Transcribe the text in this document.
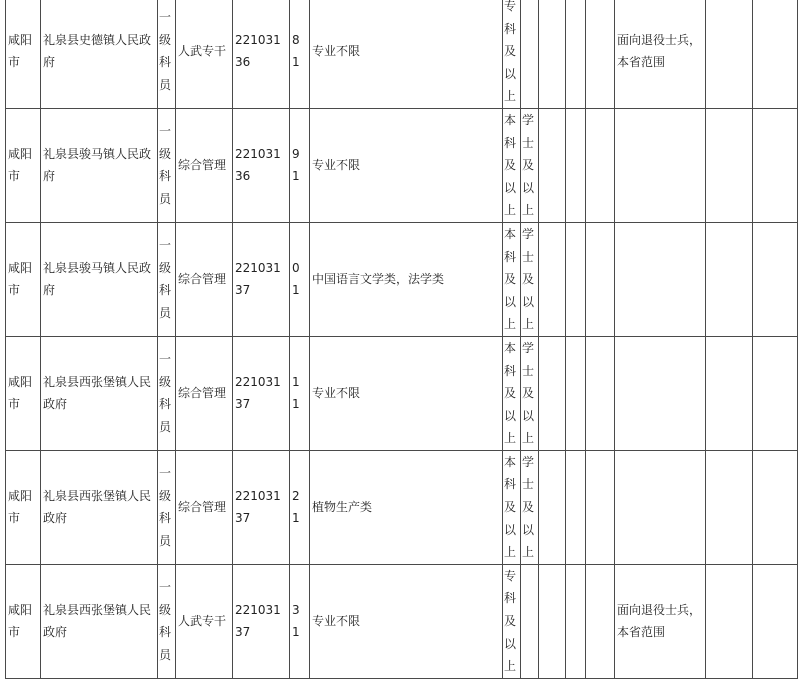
咸阳市	礼泉县史德镇人民政府	一级科员	人武专干	22103136	81	专业不限	专科及以上					面向退役士兵，本省范围		
咸阳市	礼泉县骏马镇人民政府	一级科员	综合管理	22103136	91	专业不限	本科及以上	学士及以上						

咸阳市	礼泉县骏马镇人民政府	一级科员	综合管理	22103137	01	中国语言文学类，法学类	本科及以上	学士及以上						

咸阳市	礼泉县西张堡镇人民政府	一级科员	综合管理	22103137	11	专业不限	本科及以上	学士及以上						

咸阳市	礼泉县西张堡镇人民政府	一级科员	综合管理	22103137	21	植物生产类	本科及以上	学士及以上						

咸阳市	礼泉县西张堡镇人民政府	一级科员	人武专干	22103137	31	专业不限	专科及以上					面向退役士兵，本省范围		
